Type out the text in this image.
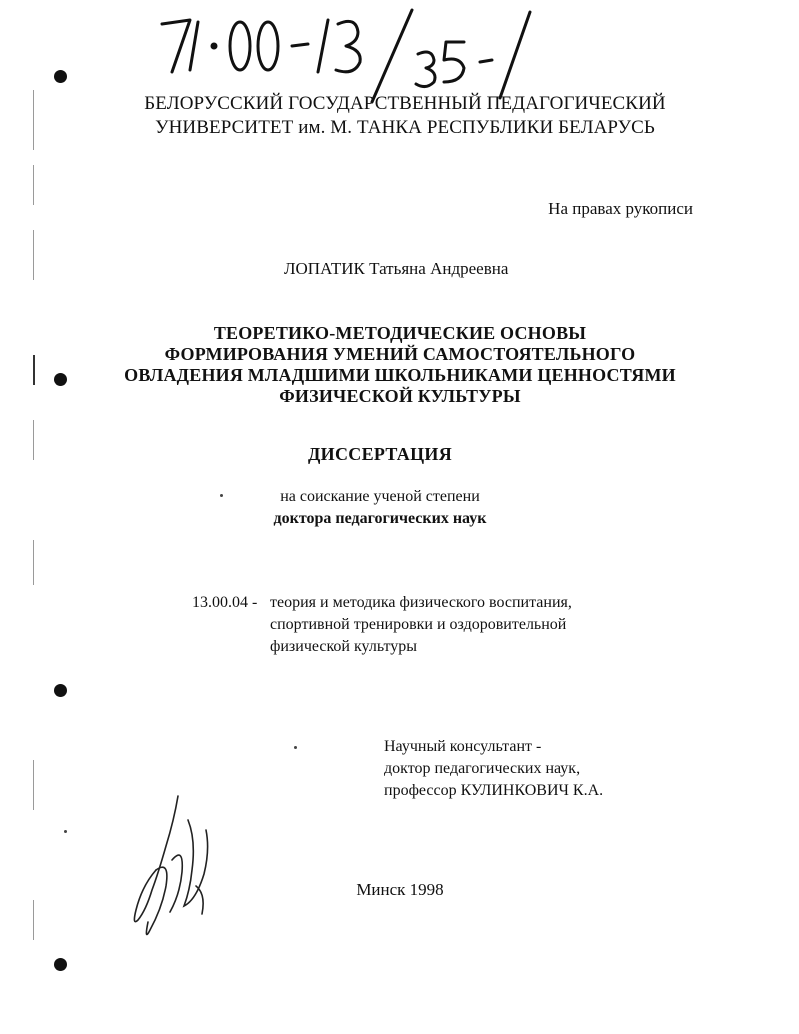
71·00-13/35-1
БЕЛОРУССКИЙ ГОСУДАРСТВЕННЫЙ ПЕДАГОГИЧЕСКИЙ
УНИВЕРСИТЕТ им. М. ТАНКА РЕСПУБЛИКИ БЕЛАРУСЬ
На правах рукописи
ЛОПАТИК Татьяна Андреевна
ТЕОРЕТИКО-МЕТОДИЧЕСКИЕ ОСНОВЫ
ФОРМИРОВАНИЯ УМЕНИЙ САМОСТОЯТЕЛЬНОГО
ОВЛАДЕНИЯ МЛАДШИМИ ШКОЛЬНИКАМИ ЦЕННОСТЯМИ
ФИЗИЧЕСКОЙ КУЛЬТУРЫ
ДИССЕРТАЦИЯ
на соискание ученой степени
доктора педагогических наук
13.00.04 - теория и методика физического воспитания,
спортивной тренировки и оздоровительной
физической культуры
Научный консультант -
доктор педагогических наук,
профессор КУЛИНКОВИЧ К.А.
Минск 1998
